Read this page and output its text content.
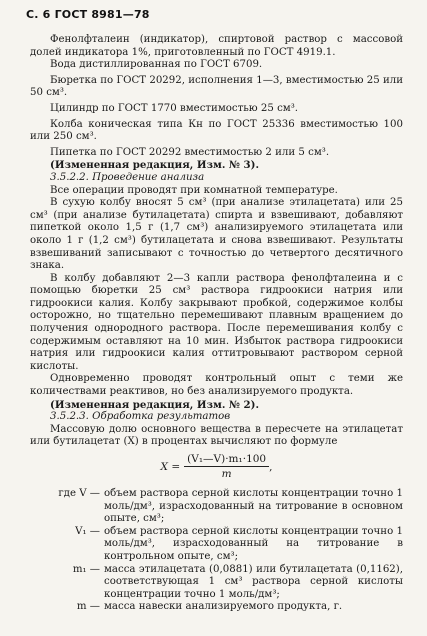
С. 6 ГОСТ 8981—78

Фенолфталеин (индикатор), спиртовой раствор с массовой долей индикатора 1%, приготовленный по ГОСТ 4919.1.

Вода дистиллированная по ГОСТ 6709.

Бюретка по ГОСТ 20292, исполнения 1—3, вместимостью 25 или 50 см³.

Цилиндр по ГОСТ 1770 вместимостью 25 см³.

Колба коническая типа Кн по ГОСТ 25336 вместимостью 100 или 250 см³.

Пипетка по ГОСТ 20292 вместимостью 2 или 5 см³.

(Измененная редакция, Изм. № 3).

3.5.2.2. Проведение анализа

Все операции проводят при комнатной температуре.

В сухую колбу вносят 5 см³ (при анализе этилацетата) или 25 см³ (при анализе бутилацетата) спирта и взвешивают, добавляют пипеткой около 1,5 г (1,7 см³) анализируемого этилацетата или около 1 г (1,2 см³) бутилацетата и снова взвешивают. Результаты взвешиваний записывают с точностью до четвертого десятичного знака.

В колбу добавляют 2—3 капли раствора фенолфталеина и с помощью бюретки 25 см³ раствора гидроокиси натрия или гидроокиси калия. Колбу закрывают пробкой, содержимое колбы осторожно, но тщательно перемешивают плавным вращением до получения однородного раствора. После перемешивания колбу с содержимым оставляют на 10 мин. Избыток раствора гидроокиси натрия или гидроокиси калия оттитровывают раствором серной кислоты.

Одновременно проводят контрольный опыт с теми же количествами реактивов, но без анализируемого продукта.

(Измененная редакция, Изм. № 2).

3.5.2.3. Обработка результатов

Массовую долю основного вещества в пересчете на этилацетат или бутилацетат (X) в процентах вычисляют по формуле

$X = \frac{\text{(V₁—V)·m₁·100}}{m}$ ,
где V — объем раствора серной кислоты концентрации точно 1 моль/дм³, израсходованный на титрование в основном опыте, см³;
V₁ — объем раствора серной кислоты концентрации точно 1 моль/дм³, израсходованный на титрование в контрольном опыте, см³;
m₁ — масса этилацетата (0,0881) или бутилацетата (0,1162), соответствующая 1 см³ раствора серной кислоты концентрации точно 1 моль/дм³;
m — масса навески анализируемого продукта, г.
